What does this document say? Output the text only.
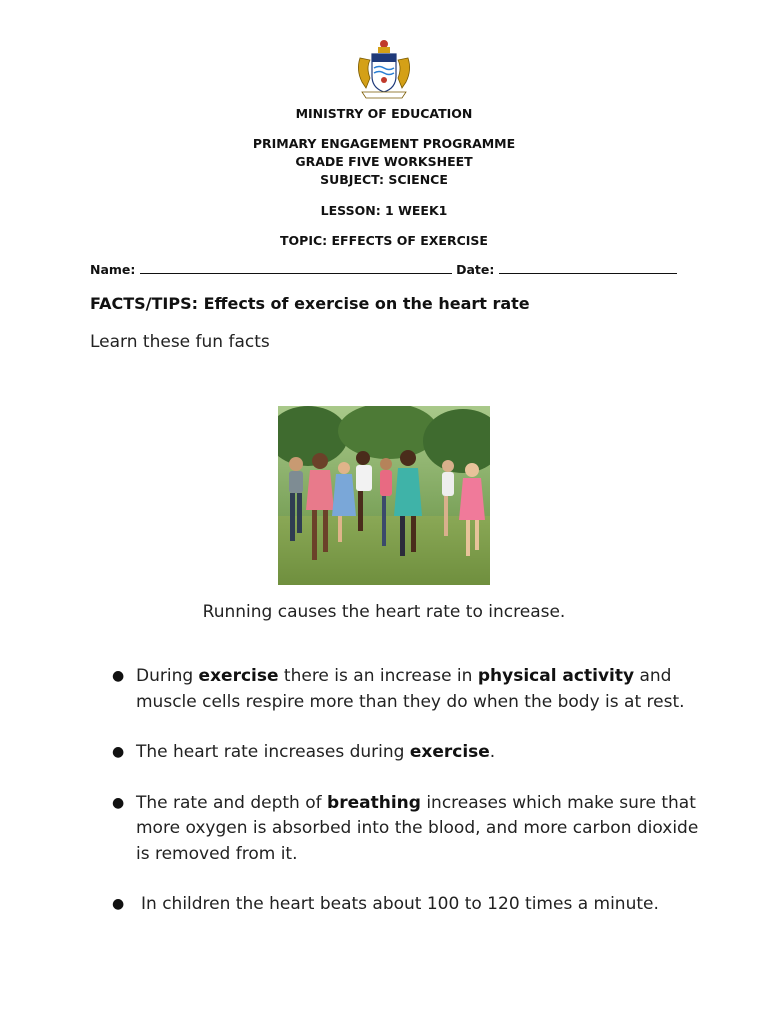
MINISTRY OF EDUCATION
PRIMARY ENGAGEMENT PROGRAMME
GRADE FIVE WORKSHEET
SUBJECT: SCIENCE
LESSON: 1 WEEK1
TOPIC: EFFECTS OF EXERCISE
Name:	Date:
FACTS/TIPS: Effects of exercise on the heart rate
Learn these fun facts
Running causes the heart rate to increase.
● During exercise there is an increase in physical activity and muscle cells respire more than they do when the body is at rest.
● The heart rate increases during exercise.
● The rate and depth of breathing increases which make sure that more oxygen is absorbed into the blood, and more carbon dioxide is removed from it.
● In children the heart beats about 100 to 120 times a minute.
